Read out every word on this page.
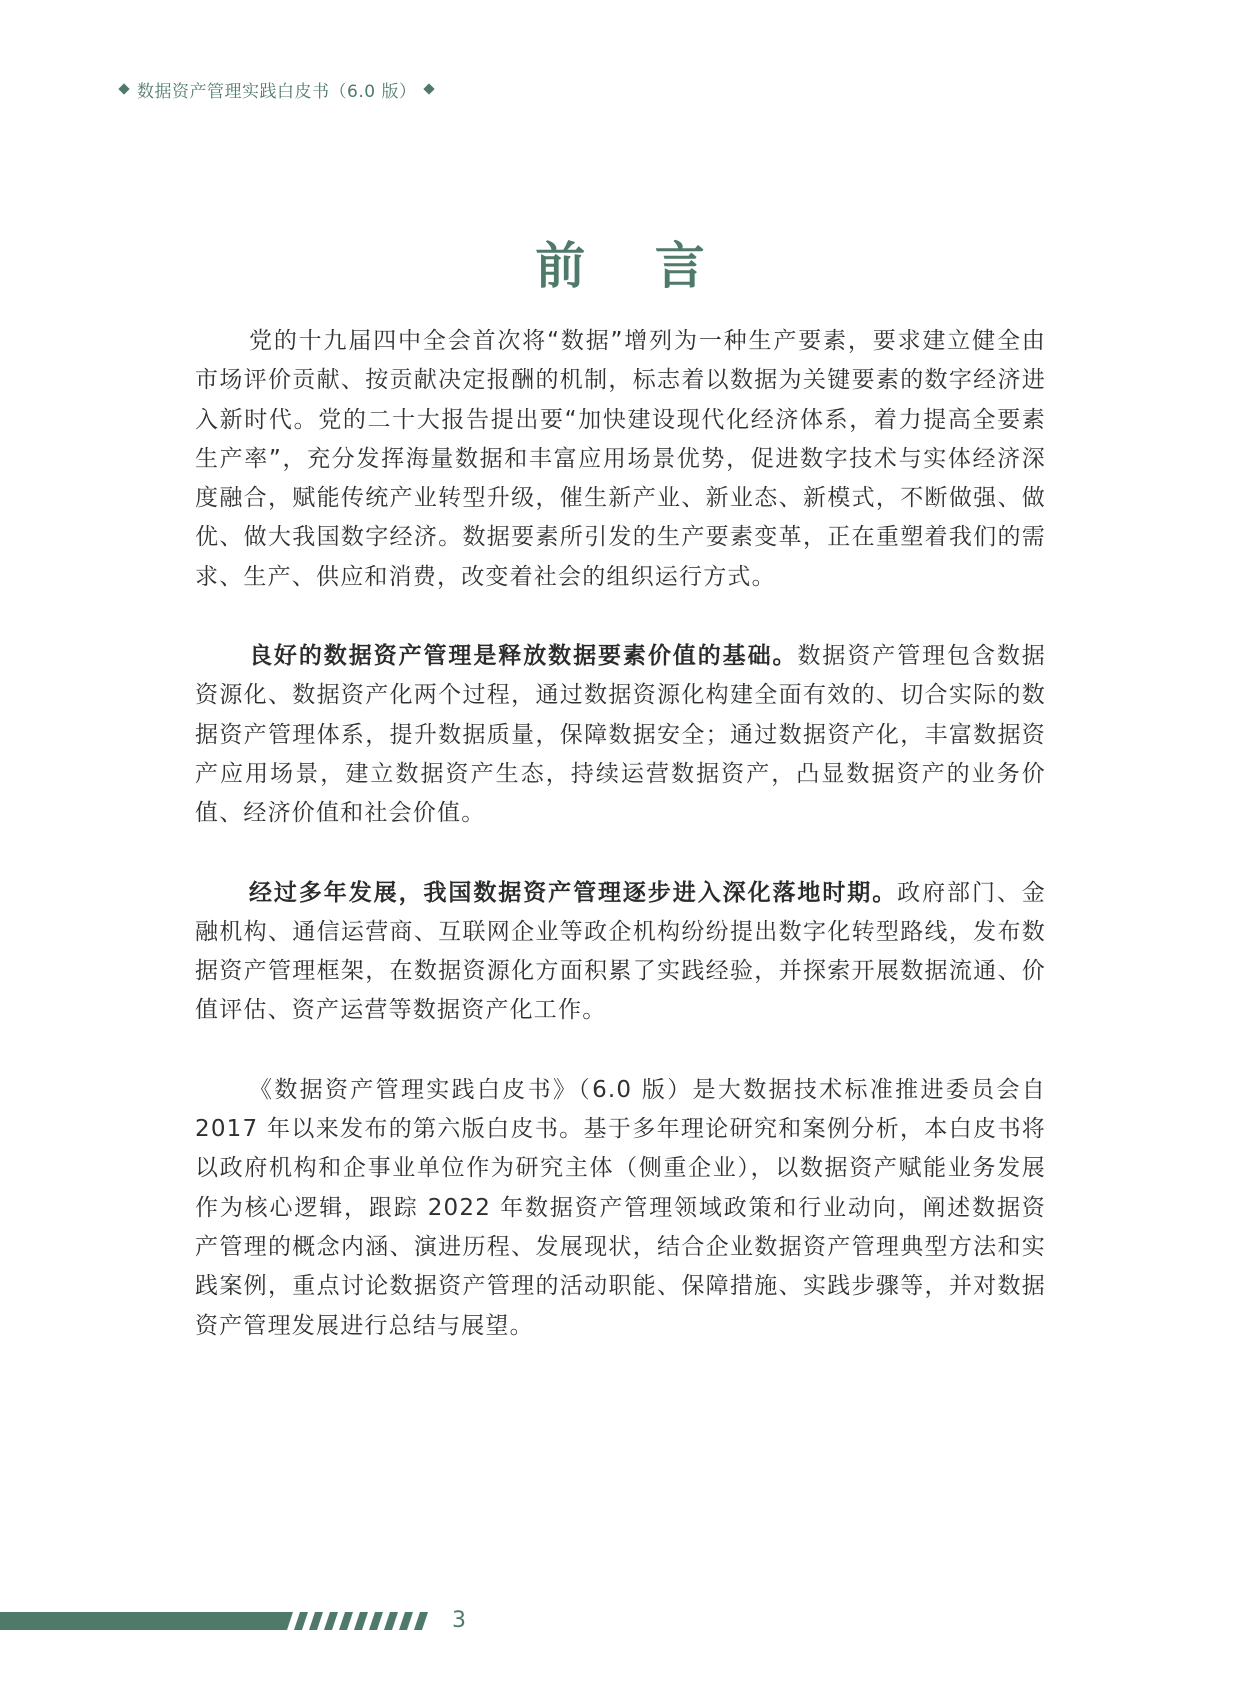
数据资产管理实践白皮书（6.0 版）
前 言

党的十九届四中全会首次将“数据”增列为一种生产要素，要求建立健全由市场评价贡献、按贡献决定报酬的机制，标志着以数据为关键要素的数字经济进入新时代。党的二十大报告提出要“加快建设现代化经济体系，着力提高全要素生产率”，充分发挥海量数据和丰富应用场景优势，促进数字技术与实体经济深度融合，赋能传统产业转型升级，催生新产业、新业态、新模式，不断做强、做优、做大我国数字经济。数据要素所引发的生产要素变革，正在重塑着我们的需求、生产、供应和消费，改变着社会的组织运行方式。

良好的数据资产管理是释放数据要素价值的基础。数据资产管理包含数据资源化、数据资产化两个过程，通过数据资源化构建全面有效的、切合实际的数据资产管理体系，提升数据质量，保障数据安全；通过数据资产化，丰富数据资产应用场景，建立数据资产生态，持续运营数据资产，凸显数据资产的业务价值、经济价值和社会价值。

经过多年发展，我国数据资产管理逐步进入深化落地时期。政府部门、金融机构、通信运营商、互联网企业等政企机构纷纷提出数字化转型路线，发布数据资产管理框架，在数据资源化方面积累了实践经验，并探索开展数据流通、价值评估、资产运营等数据资产化工作。

《数据资产管理实践白皮书》（6.0 版）是大数据技术标准推进委员会自 2017 年以来发布的第六版白皮书。基于多年理论研究和案例分析，本白皮书将以政府机构和企事业单位作为研究主体（侧重企业），以数据资产赋能业务发展作为核心逻辑，跟踪 2022 年数据资产管理领域政策和行业动向，阐述数据资产管理的概念内涵、演进历程、发展现状，结合企业数据资产管理典型方法和实践案例，重点讨论数据资产管理的活动职能、保障措施、实践步骤等，并对数据资产管理发展进行总结与展望。

3
